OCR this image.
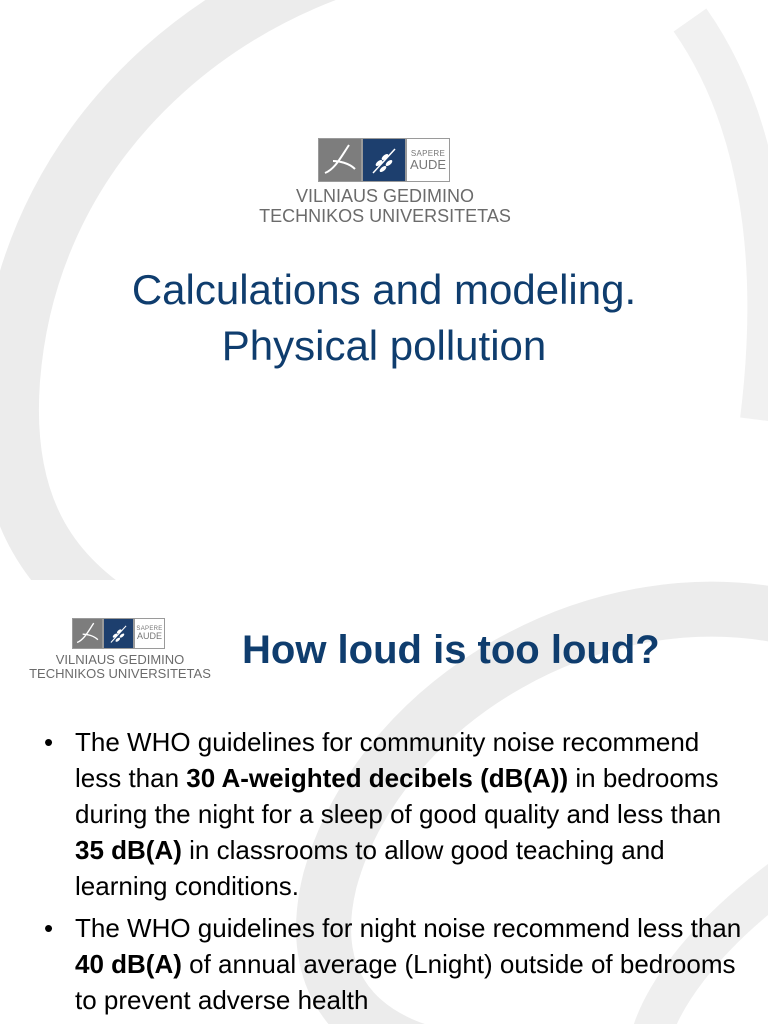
SAPERE
AUDE
VILNIAUS GEDIMINO
TECHNIKOS UNIVERSITETAS
Calculations and modeling.
Physical pollution
SAPERE
AUDE
VILNIAUS GEDIMINO
TECHNIKOS UNIVERSITETAS
How loud is too loud?
• The WHO guidelines for community noise recommend less than 30 A-weighted decibels (dB(A)) in bedrooms during the night for a sleep of good quality and less than 35 dB(A) in classrooms to allow good teaching and learning conditions.
• The WHO guidelines for night noise recommend less than 40 dB(A) of annual average (Lnight) outside of bedrooms to prevent adverse health
